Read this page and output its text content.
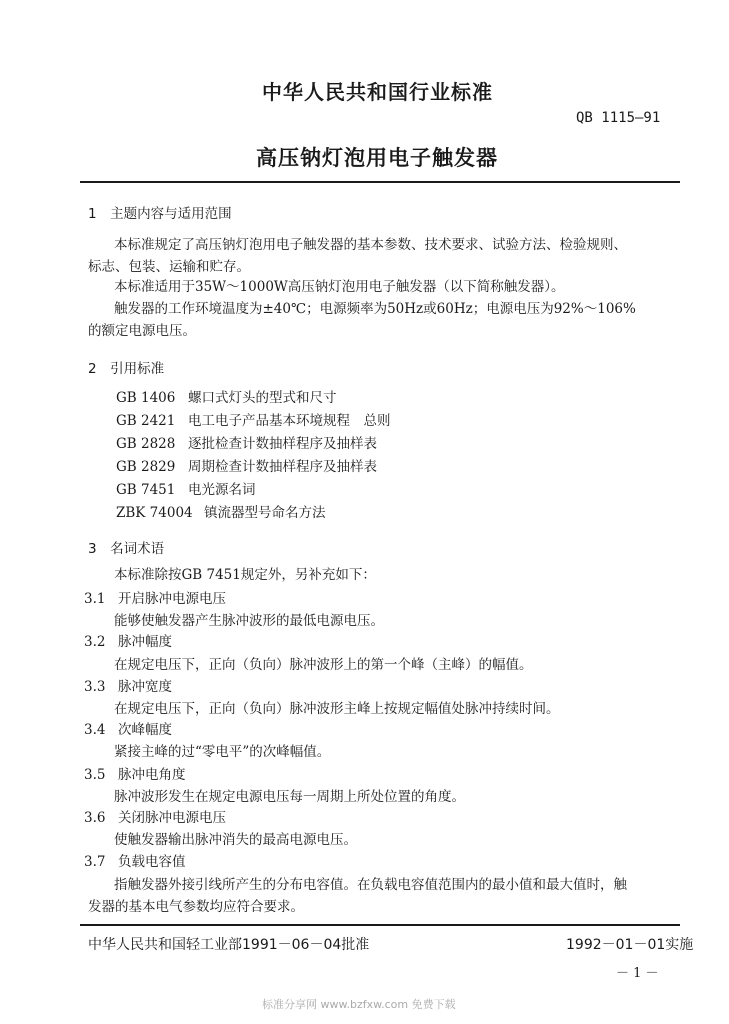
中华人民共和国行业标准
QB 1115—91
高压钠灯泡用电子触发器
1　主题内容与适用范围
本标准规定了高压钠灯泡用电子触发器的基本参数、技术要求、试验方法、检验规则、
标志、包装、运输和贮存。
本标准适用于35W～1000W高压钠灯泡用电子触发器（以下简称触发器）。
触发器的工作环境温度为±40℃；电源频率为50Hz或60Hz；电源电压为92%～106%
的额定电源电压。
2　引用标准
GB 1406 螺口式灯头的型式和尺寸
GB 2421 电工电子产品基本环境规程　总则
GB 2828 逐批检查计数抽样程序及抽样表
GB 2829 周期检查计数抽样程序及抽样表
GB 7451 电光源名词
ZBK 74004 镇流器型号命名方法
3　名词术语
本标准除按GB 7451规定外，另补充如下：
3.1 开启脉冲电源电压
能够使触发器产生脉冲波形的最低电源电压。
3.2 脉冲幅度
在规定电压下，正向（负向）脉冲波形上的第一个峰（主峰）的幅值。
3.3 脉冲宽度
在规定电压下，正向（负向）脉冲波形主峰上按规定幅值处脉冲持续时间。
3.4 次峰幅度
紧接主峰的过“零电平”的次峰幅值。
3.5 脉冲电角度
脉冲波形发生在规定电源电压每一周期上所处位置的角度。
3.6 关闭脉冲电源电压
使触发器输出脉冲消失的最高电源电压。
3.7 负载电容值
指触发器外接引线所产生的分布电容值。在负载电容值范围内的最小值和最大值时，触
发器的基本电气参数均应符合要求。
中华人民共和国轻工业部1991－06－04批准	1992－01－01实施
－ 1 －
标准分享网 www.bzfxw.com 免费下载
